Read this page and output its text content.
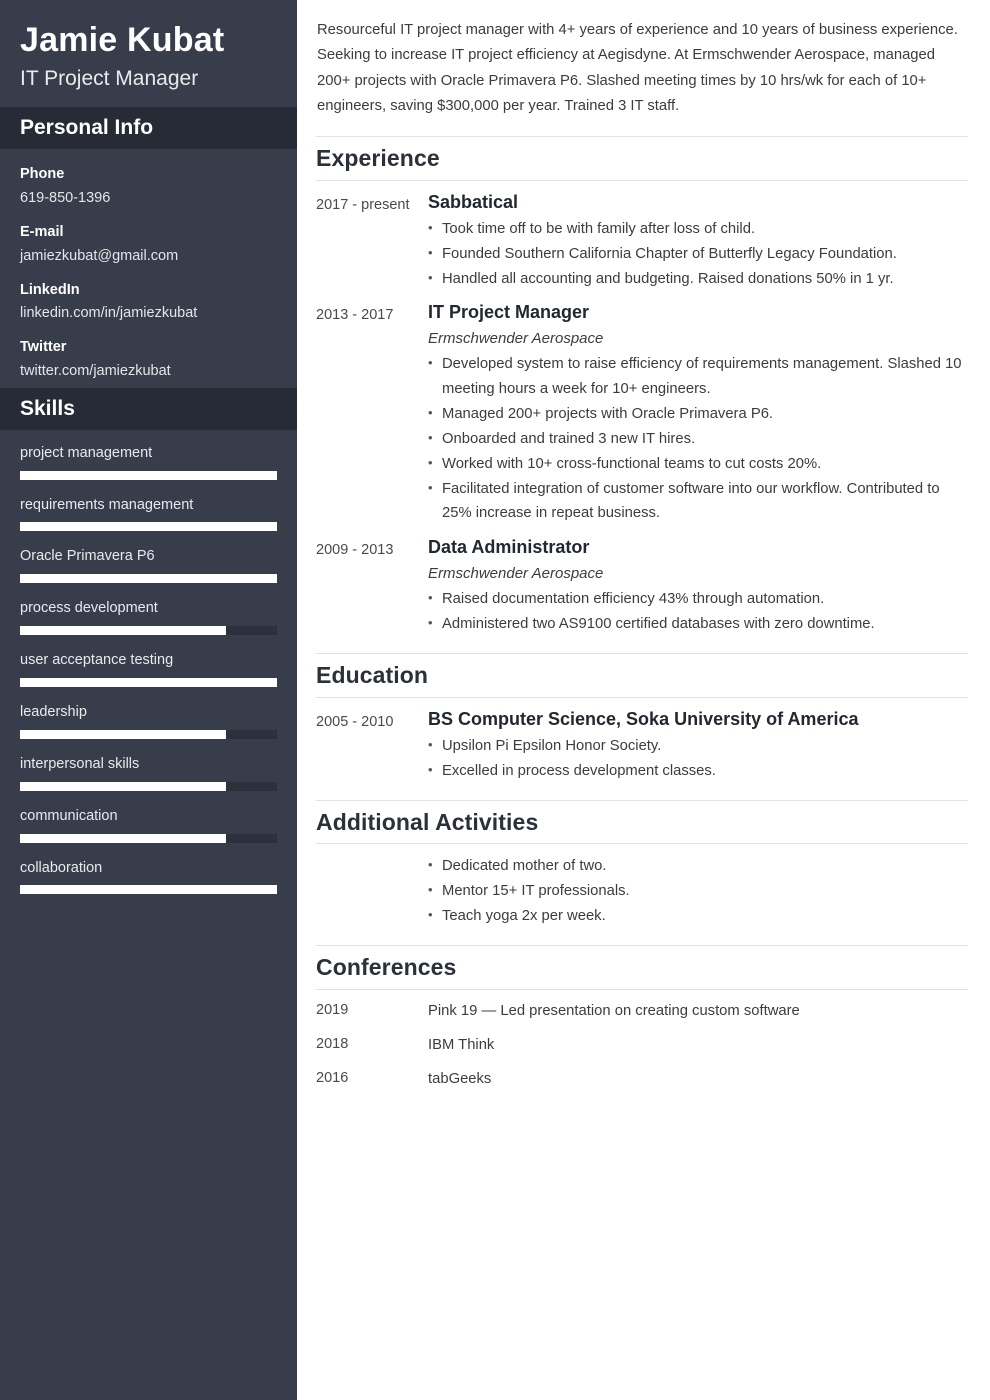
Jamie Kubat
IT Project Manager
Personal Info
Phone
619-850-1396
E-mail
jamiezkubat@gmail.com
LinkedIn
linkedin.com/in/jamiezkubat
Twitter
twitter.com/jamiezkubat
Skills
project management
requirements management
Oracle Primavera P6
process development
user acceptance testing
leadership
interpersonal skills
communication
collaboration

Resourceful IT project manager with 4+ years of experience and 10 years of business experience. Seeking to increase IT project efficiency at Aegisdyne. At Ermschwender Aerospace, managed 200+ projects with Oracle Primavera P6. Slashed meeting times by 10 hrs/wk for each of 10+ engineers, saving $300,000 per year. Trained 3 IT staff.

Experience
2017 - present	Sabbatical
• Took time off to be with family after loss of child.
• Founded Southern California Chapter of Butterfly Legacy Foundation.
• Handled all accounting and budgeting. Raised donations 50% in 1 yr.
2013 - 2017	IT Project Manager
Ermschwender Aerospace
• Developed system to raise efficiency of requirements management. Slashed 10 meeting hours a week for 10+ engineers.
• Managed 200+ projects with Oracle Primavera P6.
• Onboarded and trained 3 new IT hires.
• Worked with 10+ cross-functional teams to cut costs 20%.
• Facilitated integration of customer software into our workflow. Contributed to 25% increase in repeat business.
2009 - 2013	Data Administrator
Ermschwender Aerospace
• Raised documentation efficiency 43% through automation.
• Administered two AS9100 certified databases with zero downtime.
Education
2005 - 2010	BS Computer Science, Soka University of America
• Upsilon Pi Epsilon Honor Society.
• Excelled in process development classes.
Additional Activities
• Dedicated mother of two.
• Mentor 15+ IT professionals.
• Teach yoga 2x per week.
Conferences
2019	Pink 19 — Led presentation on creating custom software
2018	IBM Think
2016	tabGeeks
